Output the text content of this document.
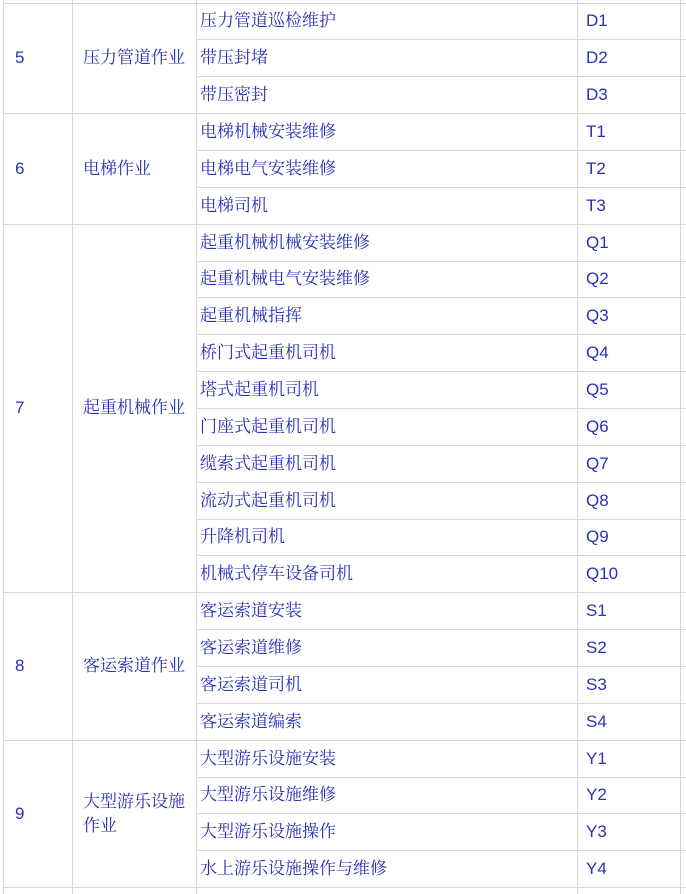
5	压力管道作业	压力管道巡检维护	D1	
		带压封堵	D2	
		带压密封	D3	
6	电梯作业	电梯机械安装维修	T1	
		电梯电气安装维修	T2	
		电梯司机	T3	
7	起重机械作业	起重机械机械安装维修	Q1	
		起重机械电气安装维修	Q2	
		起重机械指挥	Q3	
		桥门式起重机司机	Q4	
		塔式起重机司机	Q5	
		门座式起重机司机	Q6	
		缆索式起重机司机	Q7	
		流动式起重机司机	Q8	
		升降机司机	Q9	
		机械式停车设备司机	Q10	
8	客运索道作业	客运索道安装	S1	
		客运索道维修	S2	
		客运索道司机	S3	
		客运索道编索	S4	
9	大型游乐设施作业	大型游乐设施安装	Y1	
		大型游乐设施维修	Y2	
		大型游乐设施操作	Y3	
		水上游乐设施操作与维修	Y4	
